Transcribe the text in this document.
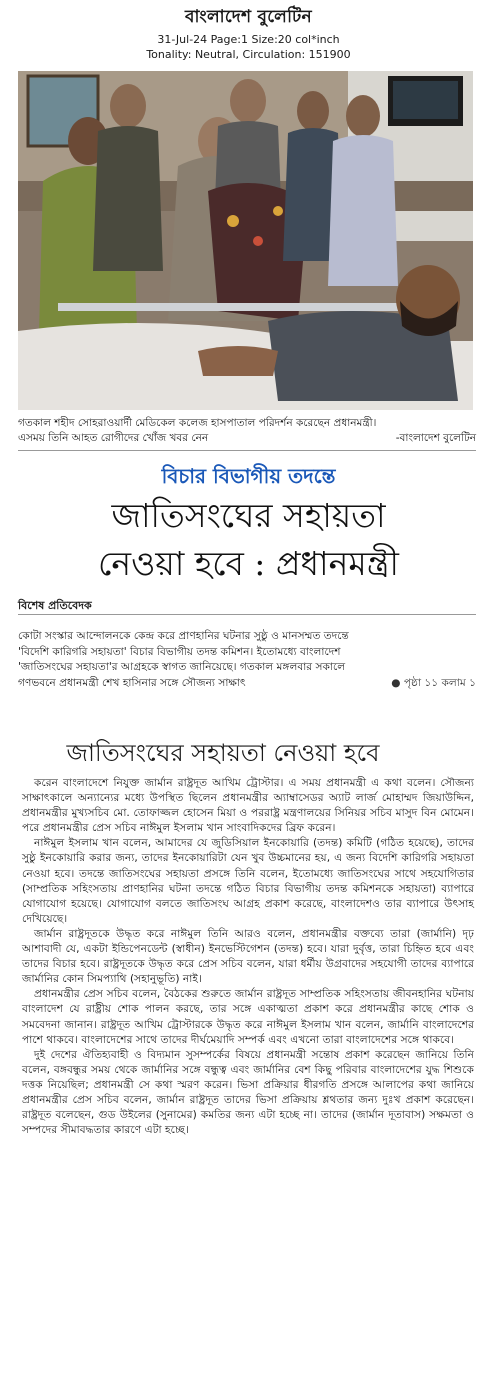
বাংলাদেশ বুলেটিন
31-Jul-24 Page:1 Size:20 col*inch
Tonality: Neutral, Circulation: 151900
গতকাল শহীদ সোহরাওয়ার্দী মেডিকেল কলেজ হাসপাতাল পরিদর্শন করেছেন প্রধানমন্ত্রী।
এসময় তিনি আহত রোগীদের খোঁজ খবর নেন	-বাংলাদেশ বুলেটিন
বিচার বিভাগীয় তদন্তে
জাতিসংঘের সহায়তা
নেওয়া হবে : প্রধানমন্ত্রী
বিশেষ প্রতিবেদক
কোটা সংস্কার আন্দোলনকে কেন্দ্র করে প্রাণহানির ঘটনার সুষ্ঠু ও মানসম্মত তদন্তে
'বিদেশি কারিগরি সহায়তা' বিচার বিভাগীয় তদন্ত কমিশন। ইতোমধ্যে বাংলাদেশ
'জাতিসংঘের সহায়তা'র আগ্রহকে স্বাগত জানিয়েছে। গতকাল মঙ্গলবার সকালে
গণভবনে প্রধানমন্ত্রী শেখ হাসিনার সঙ্গে সৌজন্য সাক্ষাৎ	● পৃষ্ঠা ১১ কলাম ১
জাতিসংঘের সহায়তা নেওয়া হবে

করেন বাংলাদেশে নিযুক্ত জার্মান রাষ্ট্রদূত আখিম ট্রোস্টার। এ সময় প্রধানমন্ত্রী এ কথা বলেন। সৌজন্য সাক্ষাৎকালে অন্যান্যের মধ্যে উপস্থিত ছিলেন প্রধানমন্ত্রীর অ্যাম্বাসেডর অ্যাট লার্জ মোহাম্মদ জিয়াউদ্দিন, প্রধানমন্ত্রীর মুখ্যসচিব মো. তোফাজ্জল হোসেন মিয়া ও পররাষ্ট্র মন্ত্রণালয়ের সিনিয়র সচিব মাসুদ বিন মোমেন। পরে প্রধানমন্ত্রীর প্রেস সচিব নাঈমুল ইসলাম খান সাংবাদিকদের ব্রিফ করেন।

নাঈমুল ইসলাম খান বলেন, আমাদের যে জুডিসিয়াল ইনকোয়ারি (তদন্ত) কমিটি (গঠিত হয়েছে), তাদের সুষ্ঠু ইনকোয়ারি করার জন্য, তাদের ইনকোয়ারিটা যেন খুব উচ্চমানের হয়, এ জন্য বিদেশি কারিগরি সহায়তা নেওয়া হবে। তদন্তে জাতিসংঘের সহায়তা প্রসঙ্গে তিনি বলেন, ইতোমধ্যে জাতিসংঘের সাথে সহযোগিতার (সাম্প্রতিক সহিংসতায় প্রাণহানির ঘটনা তদন্তে গঠিত বিচার বিভাগীয় তদন্ত কমিশনকে সহায়তা) ব্যাপারে যোগাযোগ হয়েছে। যোগাযোগ বলতে জাতিসংঘ আগ্রহ প্রকাশ করেছে, বাংলাদেশও তার ব্যাপারে উৎসাহ দেখিয়েছে।

জার্মান রাষ্ট্রদূতকে উদ্ধৃত করে নাঈমুল তিনি আরও বলেন, প্রধানমন্ত্রীর বক্তব্যে তারা (জার্মানি) দৃঢ় আশাবাদী যে, একটা ইন্ডিপেনডেন্ট (স্বাধীন) ইনভেস্টিগেশন (তদন্ত) হবে। যারা দুর্বৃত্ত, তারা চিহ্নিত হবে এবং তাদের বিচার হবে। রাষ্ট্রদূতকে উদ্ধৃত করে প্রেস সচিব বলেন, যারা ধর্মীয় উগ্রবাদের সহযোগী তাদের ব্যাপারে জার্মানির কোন সিমপ্যাথি (সহানুভূতি) নাই।

প্রধানমন্ত্রীর প্রেস সচিব বলেন, বৈঠকের শুরুতে জার্মান রাষ্ট্রদূত সাম্প্রতিক সহিংসতায় জীবনহানির ঘটনায় বাংলাদেশ যে রাষ্ট্রীয় শোক পালন করছে, তার সঙ্গে একাত্মতা প্রকাশ করে প্রধানমন্ত্রীর কাছে শোক ও সমবেদনা জানান। রাষ্ট্রদূত আখিম ট্রোস্টারকে উদ্ধৃত করে নাঈমুল ইসলাম খান বলেন, জার্মানি বাংলাদেশের পাশে থাকবে। বাংলাদেশের সাথে তাদের দীর্ঘমেয়াদি সম্পর্ক এবং এখনো তারা বাংলাদেশের সঙ্গে থাকবে।

দুই দেশের ঐতিহ্যবাহী ও বিদ্যমান সুসম্পর্কের বিষয়ে প্রধানমন্ত্রী সন্তোষ প্রকাশ করেছেন জানিয়ে তিনি বলেন, বঙ্গবন্ধুর সময় থেকে জার্মানির সঙ্গে বন্ধুত্ব এবং জার্মানির বেশ কিছু পরিবার বাংলাদেশের যুদ্ধ শিশুকে দত্তক নিয়েছিল; প্রধানমন্ত্রী সে কথা স্মরণ করেন। ভিসা প্রক্রিয়ার ধীরগতি প্রসঙ্গে আলাপের কথা জানিয়ে প্রধানমন্ত্রীর প্রেস সচিব বলেন, জার্মান রাষ্ট্রদূত তাদের ভিসা প্রক্রিয়ায় শ্লথতার জন্য দুঃখ প্রকাশ করেছেন। রাষ্ট্রদূত বলেছেন, গুড উইলের (সুনামের) কমতির জন্য এটা হচ্ছে না। তাদের (জার্মান দূতাবাস) সক্ষমতা ও সম্পদের সীমাবদ্ধতার কারণে এটা হচ্ছে।
